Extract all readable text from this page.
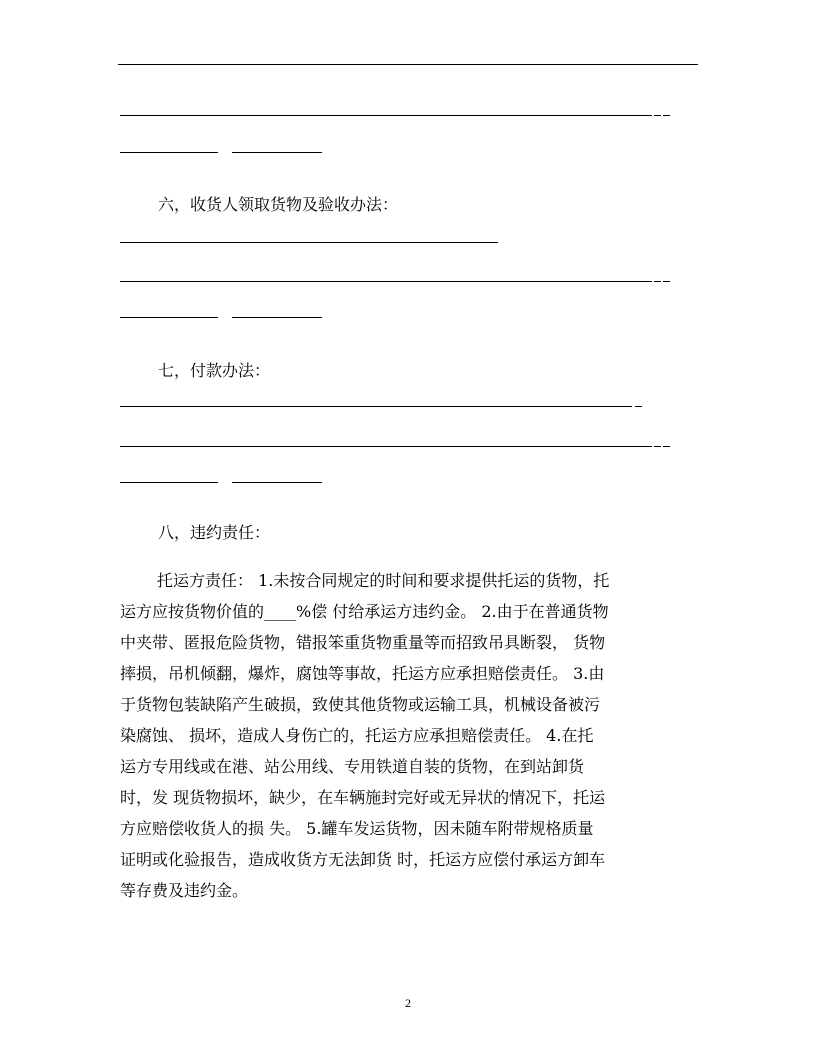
六，收货人领取货物及验收办法：
七，付款办法：
八，违约责任：
托运方责任： 1.未按合同规定的时间和要求提供托运的货物，托
运方应按货物价值的____%偿 付给承运方违约金。 2.由于在普通货物
中夹带、匿报危险货物，错报笨重货物重量等而招致吊具断裂， 货物
摔损，吊机倾翻，爆炸，腐蚀等事故，托运方应承担赔偿责任。 3.由
于货物包装缺陷产生破损，致使其他货物或运输工具，机械设备被污
染腐蚀、 损坏，造成人身伤亡的，托运方应承担赔偿责任。 4.在托
运方专用线或在港、站公用线、专用铁道自装的货物，在到站卸货
时，发 现货物损坏，缺少，在车辆施封完好或无异状的情况下，托运
方应赔偿收货人的损 失。 5.罐车发运货物，因未随车附带规格质量
证明或化验报告，造成收货方无法卸货 时，托运方应偿付承运方卸车
等存费及违约金。
2
